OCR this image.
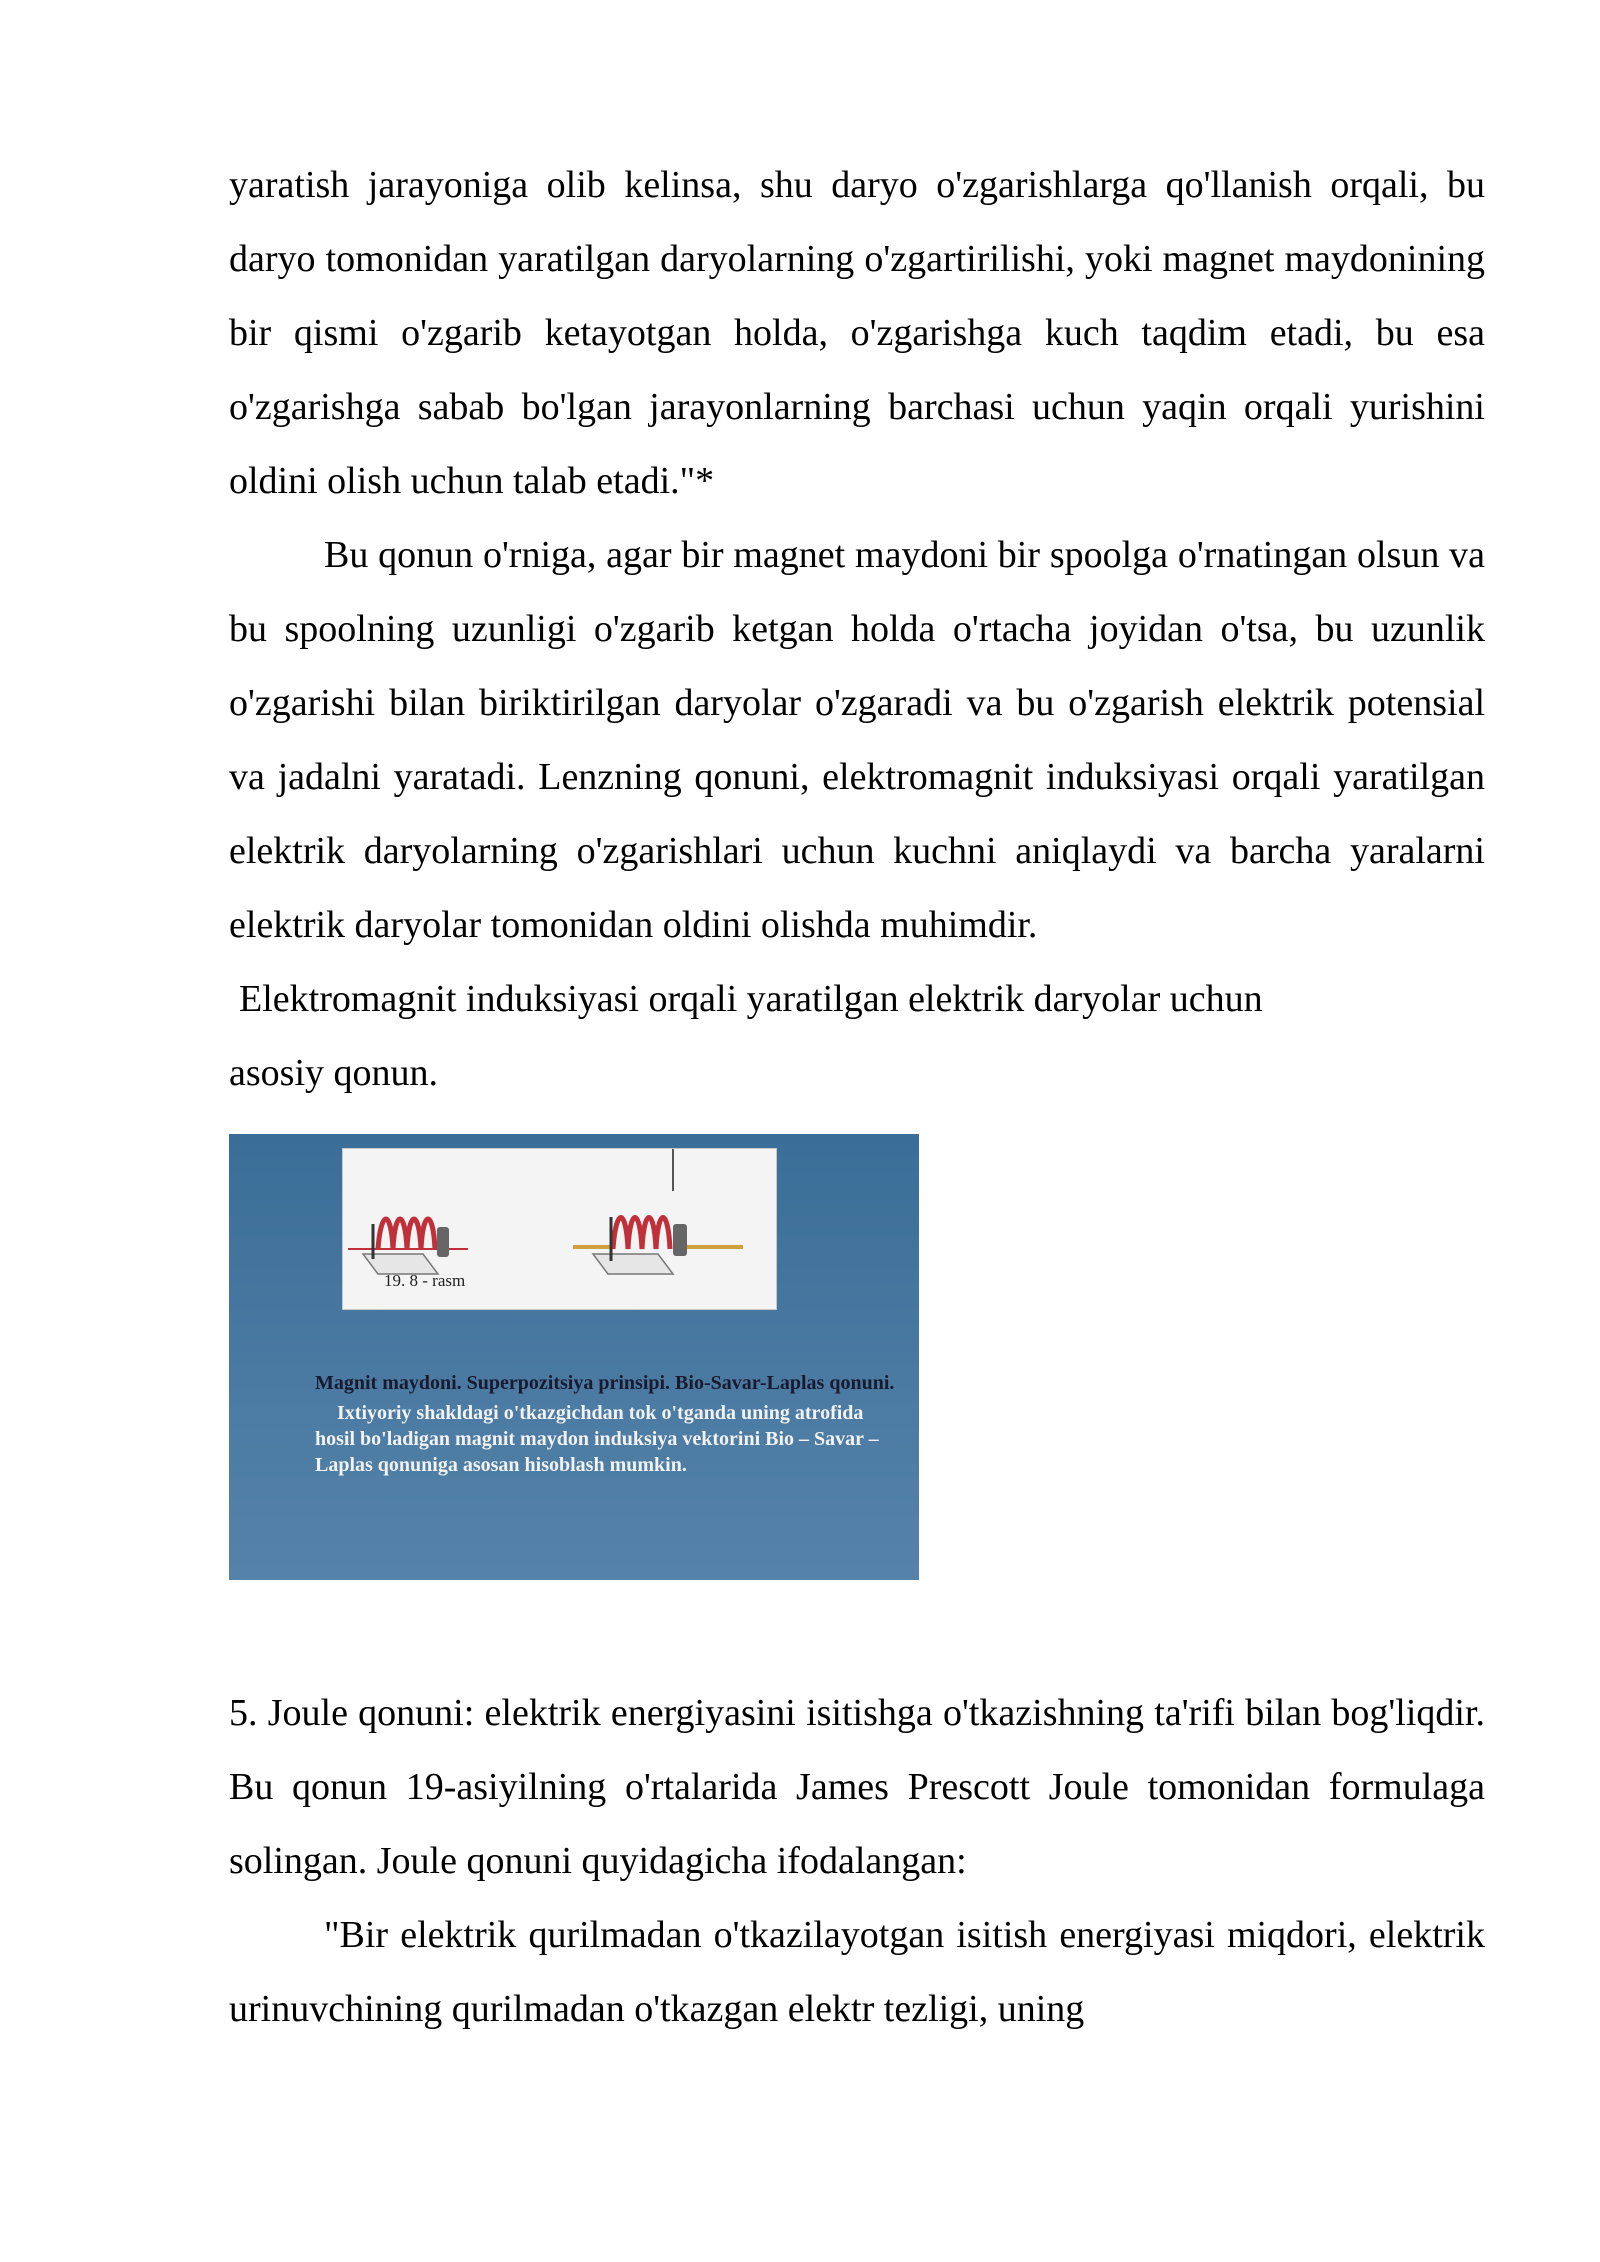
yaratish jarayoniga olib kelinsa, shu daryo o'zgarishlarga qo'llanish orqali, bu daryo tomonidan yaratilgan daryolarning o'zgartirilishi, yoki magnet maydonining bir qismi o'zgarib ketayotgan holda, o'zgarishga kuch taqdim etadi, bu esa o'zgarishga sabab bo'lgan jarayonlarning barchasi uchun yaqin orqali yurishini oldini olish uchun talab etadi."*

Bu qonun o'rniga, agar bir magnet maydoni bir spoolga o'rnatingan olsun va bu spoolning uzunligi o'zgarib ketgan holda o'rtacha joyidan o'tsa, bu uzunlik o'zgarishi bilan biriktirilgan daryolar o'zgaradi va bu o'zgarish elektrik potensial va jadalni yaratadi. Lenzning qonuni, elektromagnit induksiyasi orqali yaratilgan elektrik daryolarning o'zgarishlari uchun kuchni aniqlaydi va barcha yaralarni elektrik daryolar tomonidan oldini olishda muhimdir.

Elektromagnit induksiyasi orqali yaratilgan elektrik daryolar uchun

asosiy qonun.

19. 8 - rasm
Magnit maydoni. Superpozitsiya prinsipi. Bio-Savar-Laplas qonuni.
Ixtiyoriy shakldagi o'tkazgichdan tok o'tganda uning atrofida hosil bo'ladigan magnit maydon induksiya vektorini Bio – Savar – Laplas qonuniga asosan hisoblash mumkin.

5. Joule qonuni: elektrik energiyasini isitishga o'tkazishning ta'rifi bilan bog'liqdir. Bu qonun 19-asiyilning o'rtalarida James Prescott Joule tomonidan formulaga solingan. Joule qonuni quyidagicha ifodalangan:

"Bir elektrik qurilmadan o'tkazilayotgan isitish energiyasi miqdori, elektrik urinuvchining qurilmadan o'tkazgan elektr tezligi, uning
